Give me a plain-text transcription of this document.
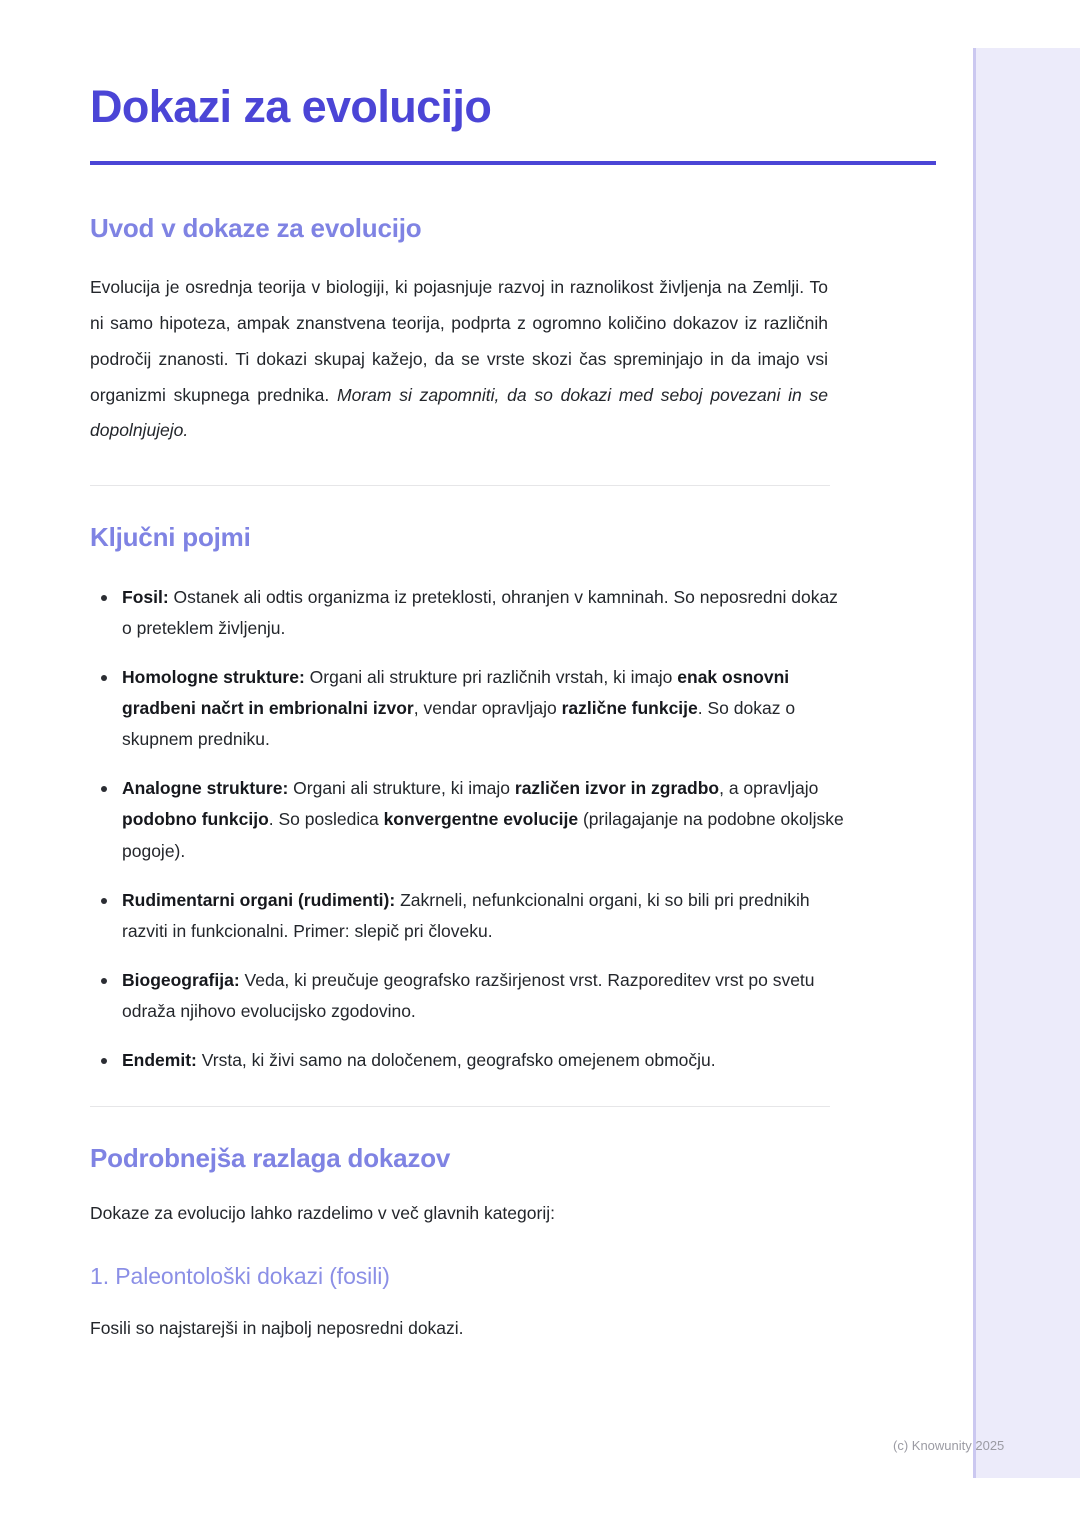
Dokazi za evolucijo
Uvod v dokaze za evolucijo

Evolucija je osrednja teorija v biologiji, ki pojasnjuje razvoj in raznolikost življenja na Zemlji. To ni samo hipoteza, ampak znanstvena teorija, podprta z ogromno količino dokazov iz različnih področij znanosti. Ti dokazi skupaj kažejo, da se vrste skozi čas spreminjajo in da imajo vsi organizmi skupnega prednika. Moram si zapomniti, da so dokazi med seboj povezani in se dopolnjujejo.

Ključni pojmi
Fosil: Ostanek ali odtis organizma iz preteklosti, ohranjen v kamninah. So neposredni dokaz o preteklem življenju.
Homologne strukture: Organi ali strukture pri različnih vrstah, ki imajo enak osnovni gradbeni načrt in embrionalni izvor, vendar opravljajo različne funkcije. So dokaz o skupnem predniku.
Analogne strukture: Organi ali strukture, ki imajo različen izvor in zgradbo, a opravljajo podobno funkcijo. So posledica konvergentne evolucije (prilagajanje na podobne okoljske pogoje).
Rudimentarni organi (rudimenti): Zakrneli, nefunkcionalni organi, ki so bili pri prednikih razviti in funkcionalni. Primer: slepič pri človeku.
Biogeografija: Veda, ki preučuje geografsko razširjenost vrst. Razporeditev vrst po svetu odraža njihovo evolucijsko zgodovino.
Endemit: Vrsta, ki živi samo na določenem, geografsko omejenem območju.
Podrobnejša razlaga dokazov

Dokaze za evolucijo lahko razdelimo v več glavnih kategorij:

1. Paleontološki dokazi (fosili)

Fosili so najstarejši in najbolj neposredni dokazi.

(c) Knowunity 2025
